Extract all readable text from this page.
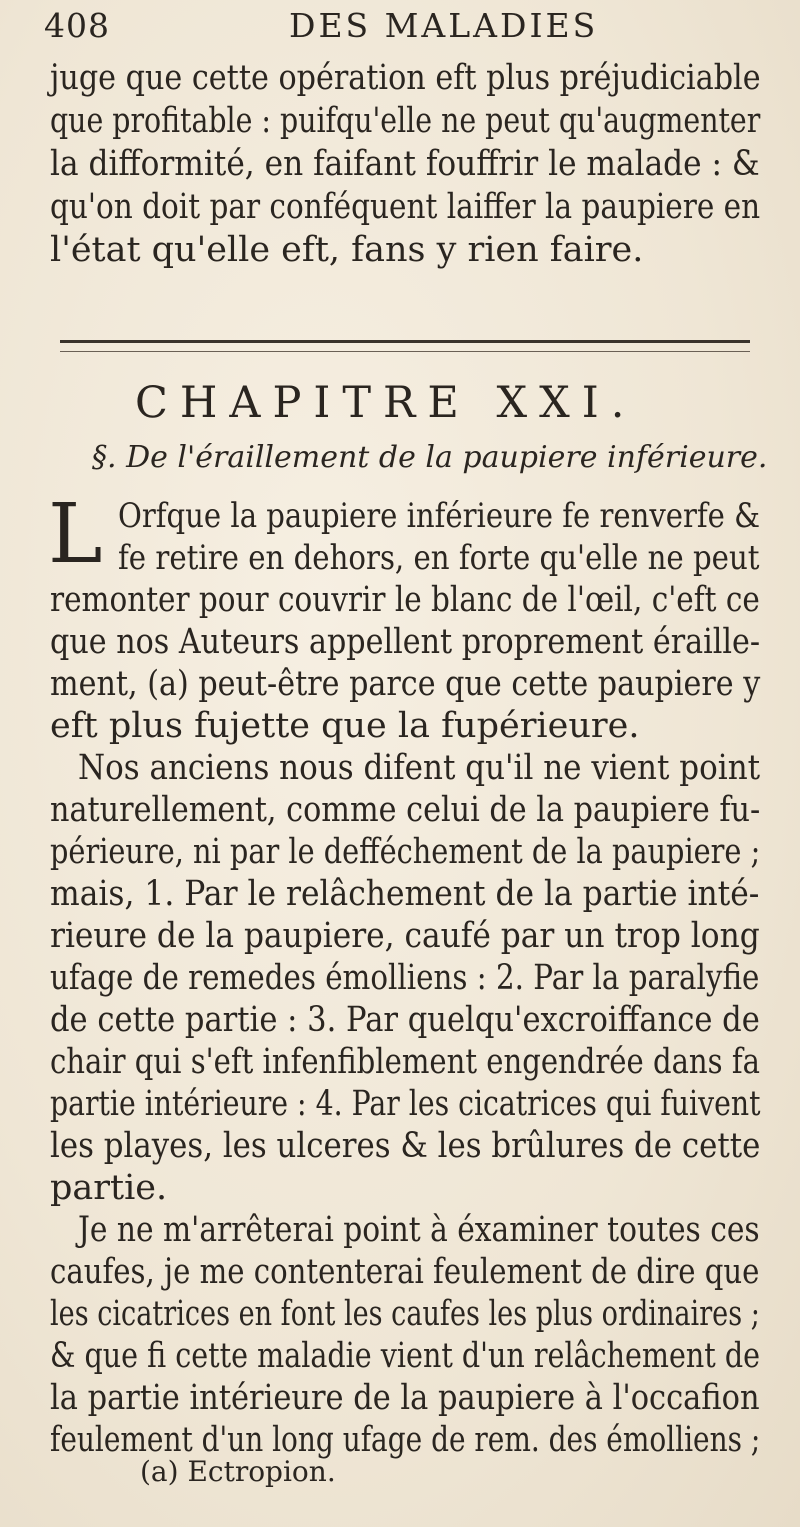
408	DES MALADIES
juge que cette opération eft plus préjudiciable
que profitable : puifqu'elle ne peut qu'augmenter
la difformité, en faifant fouffrir le malade : &
qu'on doit par conféquent laiffer la paupiere en
l'état qu'elle eft, fans y rien faire.
CHAPITRE XXI.
§. De l'éraillement de la paupiere inférieure.
L Orfque la paupiere inférieure fe renverfe &
fe retire en dehors, en forte qu'elle ne peut
remonter pour couvrir le blanc de l'œil, c'eft ce
que nos Auteurs appellent proprement éraille-
ment, (a) peut-être parce que cette paupiere y
eft plus fujette que la fupérieure.
Nos anciens nous difent qu'il ne vient point
naturellement, comme celui de la paupiere fu-
périeure, ni par le defféchement de la paupiere ;
mais, 1. Par le relâchement de la partie inté-
rieure de la paupiere, caufé par un trop long
ufage de remedes émolliens : 2. Par la paralyfie
de cette partie : 3. Par quelqu'excroiffance de
chair qui s'eft infenfiblement engendrée dans fa
partie intérieure : 4. Par les cicatrices qui fuivent
les playes, les ulceres & les brûlures de cette
partie.
Je ne m'arrêterai point à éxaminer toutes ces
caufes, je me contenterai feulement de dire que
les cicatrices en font les caufes les plus ordinaires ;
& que fi cette maladie vient d'un relâchement de
la partie intérieure de la paupiere à l'occafion
feulement d'un long ufage de rem. des émolliens ;
(a) Ectropion.
